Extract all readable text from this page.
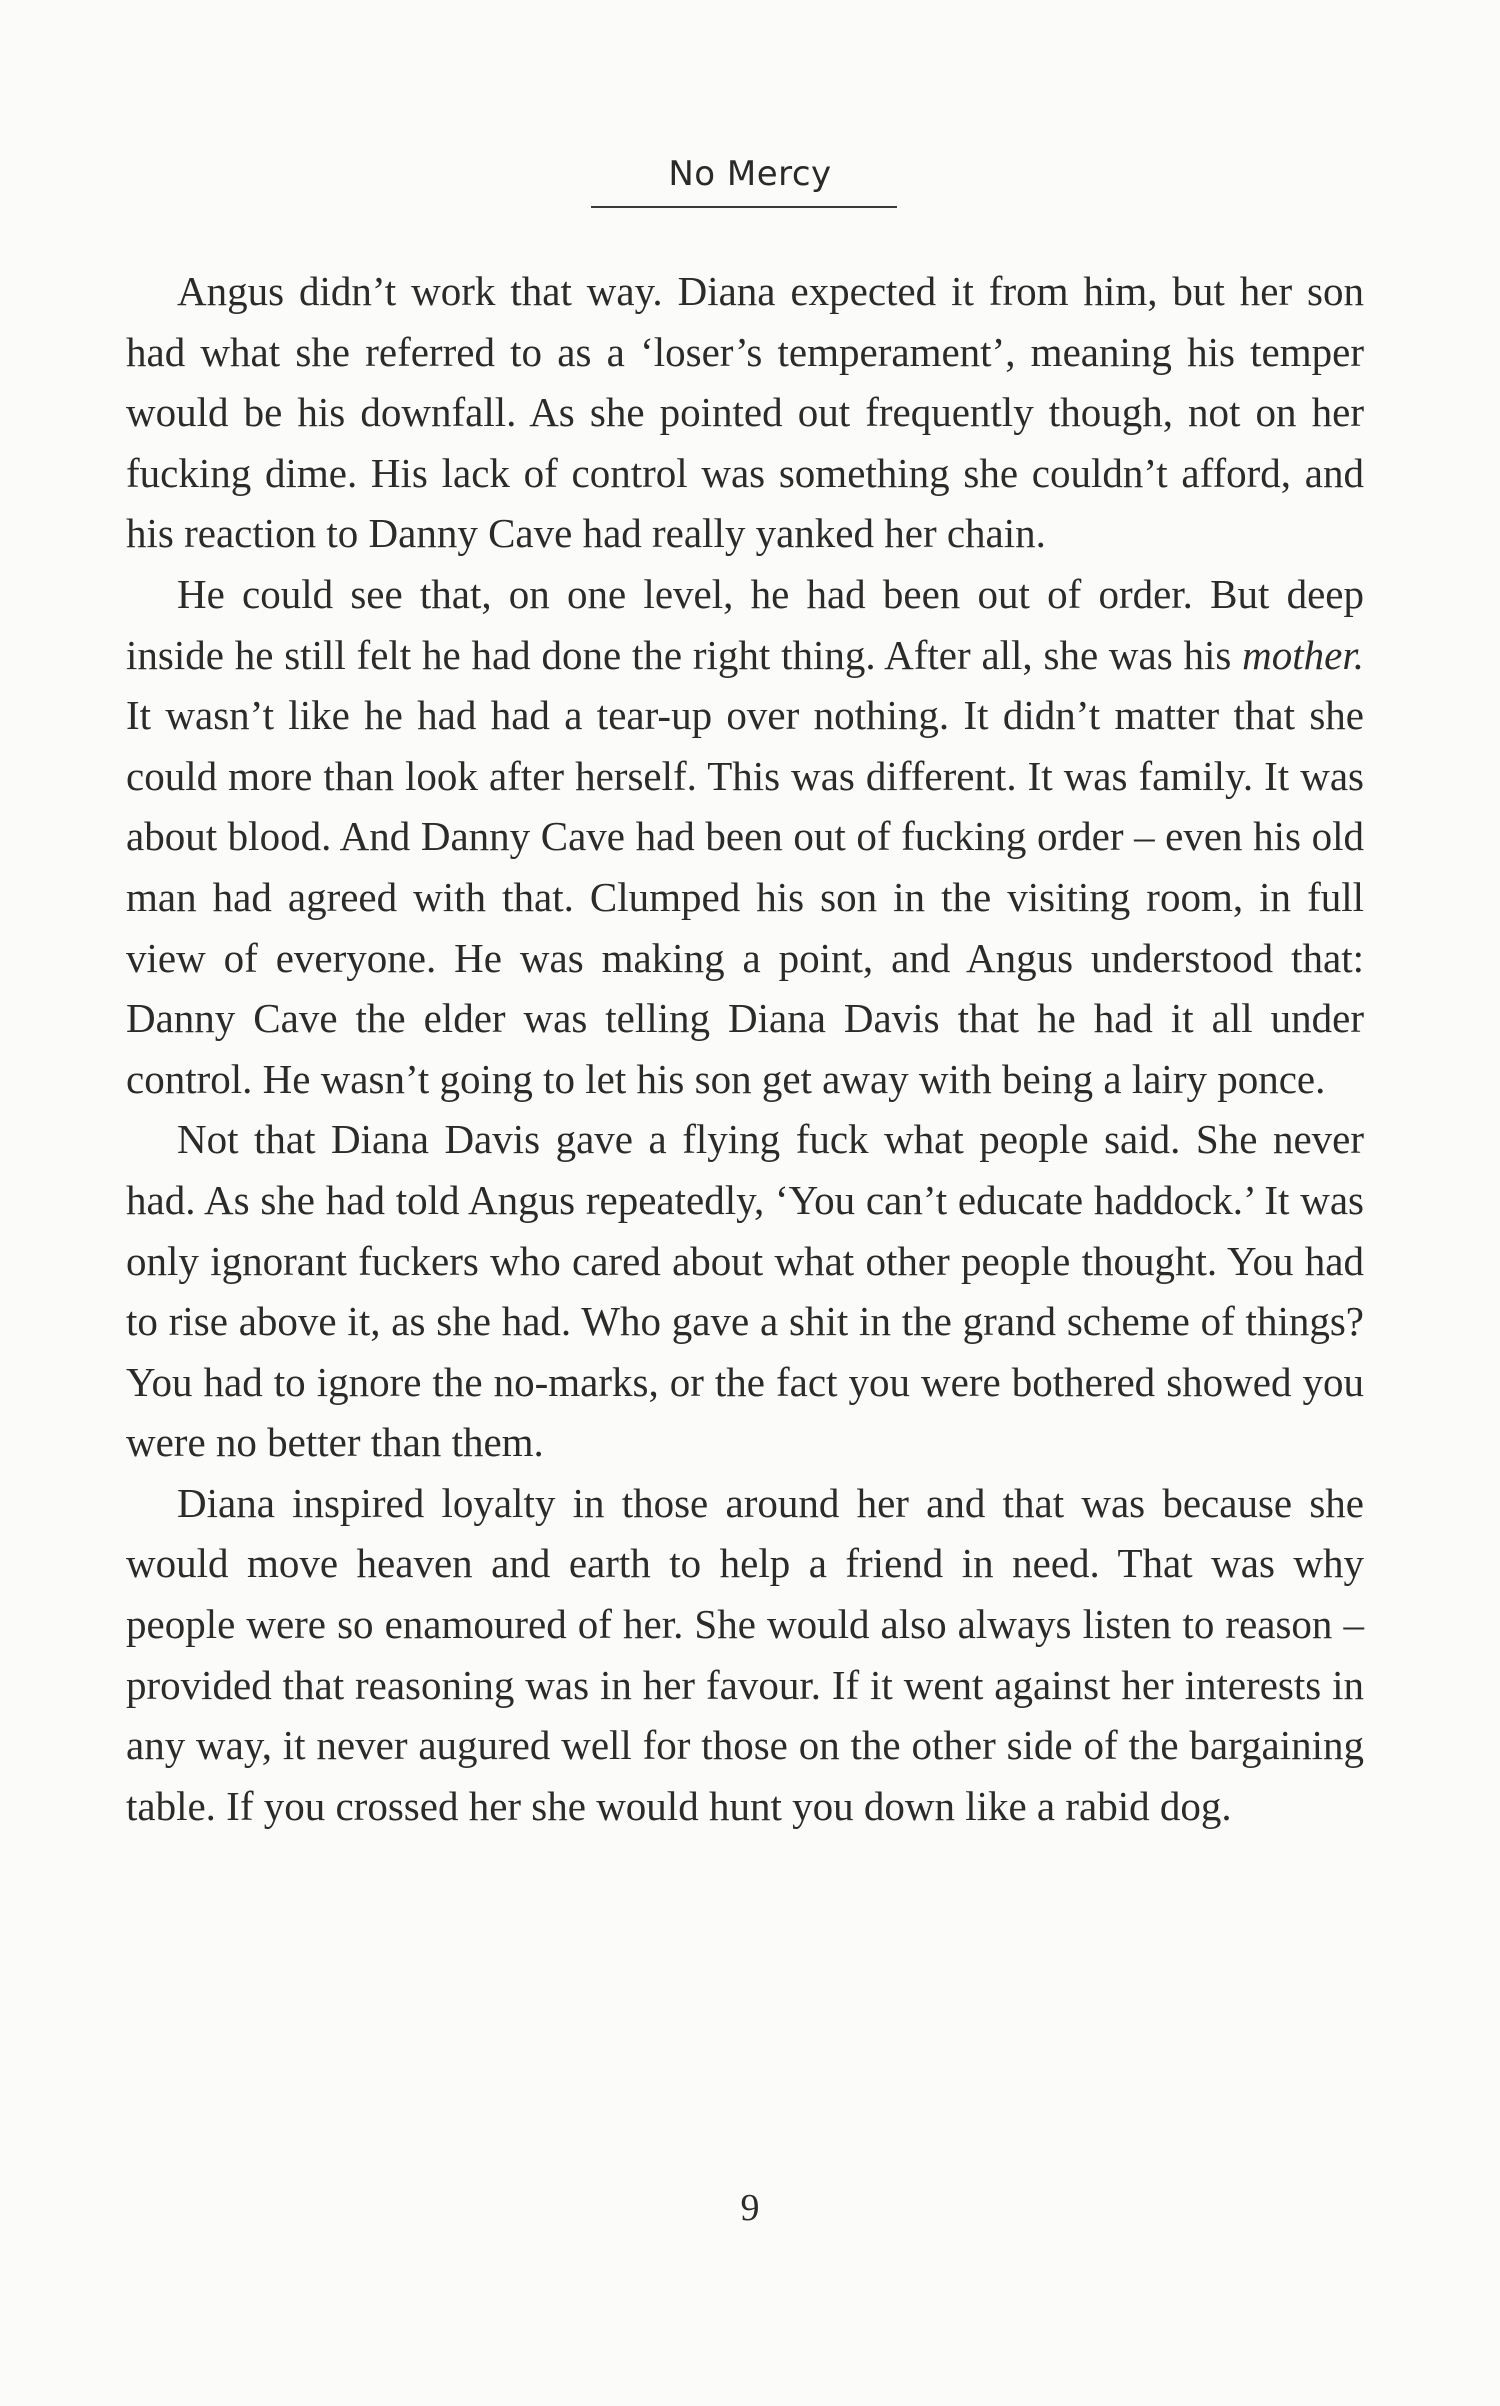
No Mercy

Angus didn’t work that way. Diana expected it from him, but her son had what she referred to as a ‘loser’s temperament’, meaning his temper would be his downfall. As she pointed out frequently though, not on her fucking dime. His lack of control was something she couldn’t afford, and his reaction to Danny Cave had really yanked her chain.

He could see that, on one level, he had been out of order. But deep inside he still felt he had done the right thing. After all, she was his mother. It wasn’t like he had had a tear-up over nothing. It didn’t matter that she could more than look after herself. This was different. It was family. It was about blood. And Danny Cave had been out of fucking order – even his old man had agreed with that. Clumped his son in the visiting room, in full view of everyone. He was making a point, and Angus understood that: Danny Cave the elder was telling Diana Davis that he had it all under control. He wasn’t going to let his son get away with being a lairy ponce.

Not that Diana Davis gave a flying fuck what people said. She never had. As she had told Angus repeatedly, ‘You can’t educate haddock.’ It was only ignorant fuckers who cared about what other people thought. You had to rise above it, as she had. Who gave a shit in the grand scheme of things? You had to ignore the no-marks, or the fact you were bothered showed you were no better than them.

Diana inspired loyalty in those around her and that was because she would move heaven and earth to help a friend in need. That was why people were so enamoured of her. She would also always listen to reason – provided that reasoning was in her favour. If it went against her interests in any way, it never augured well for those on the other side of the bargaining table. If you crossed her she would hunt you down like a rabid dog.

9
